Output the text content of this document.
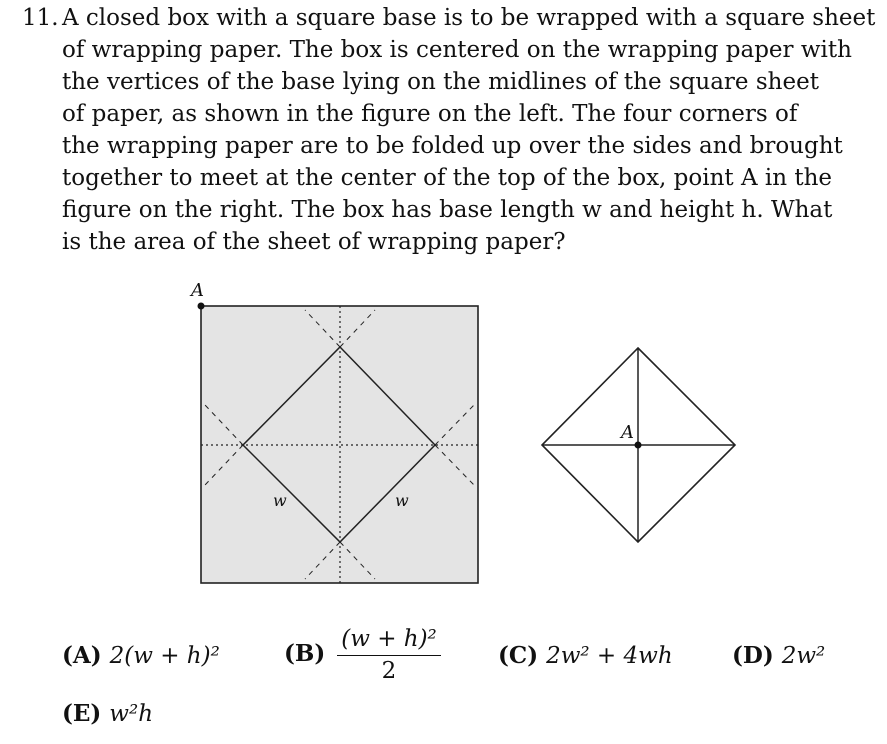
11. A closed box with a square base is to be wrapped with a square sheet
of wrapping paper. The box is centered on the wrapping paper with
the vertices of the base lying on the midlines of the square sheet
of paper, as shown in the figure on the left. The four corners of
the wrapping paper are to be folded up over the sides and brought
together to meet at the center of the top of the box, point A in the
figure on the right. The box has base length w and height h. What
is the area of the sheet of wrapping paper?
A
w	w
A
(A) 2(w + h)²	$(B) \frac{\text{(w + h)²}}{2} (C) 2w^2 + 4wh$	(D) 2w²
(E) w²h
